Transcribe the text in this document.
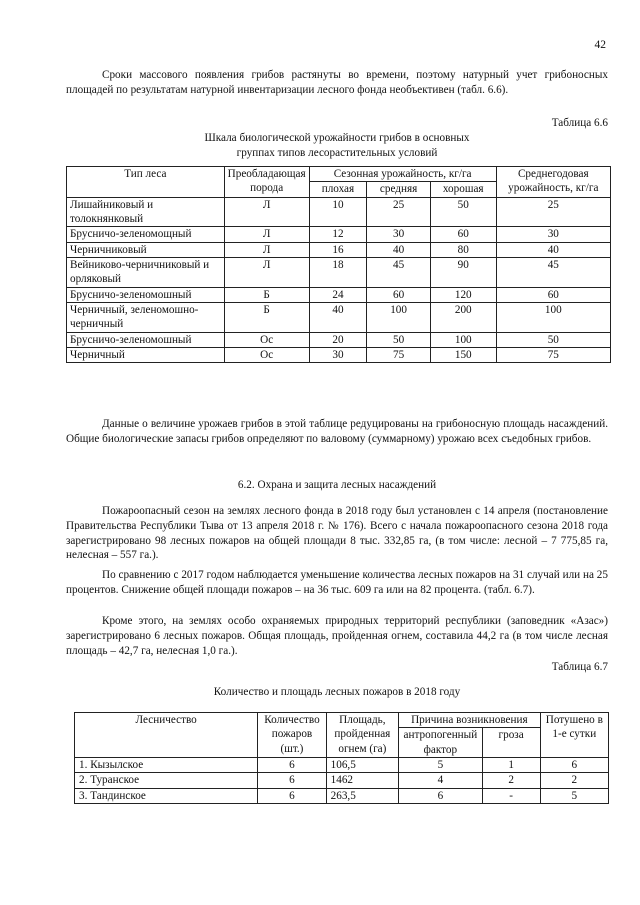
42

Сроки массового появления грибов растянуты во времени, поэтому натурный учет грибоносных площадей по результатам натурной инвентаризации лесного фонда необъективен (табл. 6.6).

Таблица 6.6
Шкала биологической урожайности грибов в основных
группах типов лесорастительных условий
Тип леса	Преобладающая порода	Сезонная урожайность, кг/га			Среднегодовая урожайность, кг/га
		плохая	средняя	хорошая	
Лишайниковый и толокнянковый	Л	10	25	50	25
Брусничо-зеленомощный	Л	12	30	60	30
Черничниковый	Л	16	40	80	40
Вейниково-черничниковый и орляковый	Л	18	45	90	45
Брусничо-зеленомошный	Б	24	60	120	60
Черничный, зеленомошно-черничный	Б	40	100	200	100
Брусничо-зеленомошный	Ос	20	50	100	50
Черничный	Ос	30	75	150	75

Данные о величине урожаев грибов в этой таблице редуцированы на грибоносную площадь насаждений. Общие биологические запасы грибов определяют по валовому (суммарному) урожаю всех съедобных грибов.

6.2. Охрана и защита лесных насаждений

Пожароопасный сезон на землях лесного фонда в 2018 году был установлен с 14 апреля (постановление Правительства Республики Тыва от 13 апреля 2018 г. № 176). Всего с начала пожароопасного сезона 2018 года зарегистрировано 98 лесных пожаров на общей площади 8 тыс. 332,85 га, (в том числе: лесной – 7 775,85 га, нелесная – 557 га.).

По сравнению с 2017 годом наблюдается уменьшение количества лесных пожаров на 31 случай или на 25 процентов. Снижение общей площади пожаров – на 36 тыс. 609 га или на 82 процента. (табл. 6.7).

Кроме этого, на землях особо охраняемых природных территорий республики (заповедник «Азас») зарегистрировано 6 лесных пожаров. Общая площадь, пройденная огнем, составила 44,2 га (в том числе лесная площадь – 42,7 га, нелесная 1,0 га.).

Таблица 6.7
Количество и площадь лесных пожаров в 2018 году
Лесничество	Количество пожаров (шт.)	Площадь, пройденная огнем (га)	Причина возникновения		Потушено в 1-е сутки
			антропогенный фактор	гроза	
1. Кызылское	6	106,5	5	1	6
2. Туранское	6	1462	4	2	2
3. Тандинское	6	263,5	6	-	5
